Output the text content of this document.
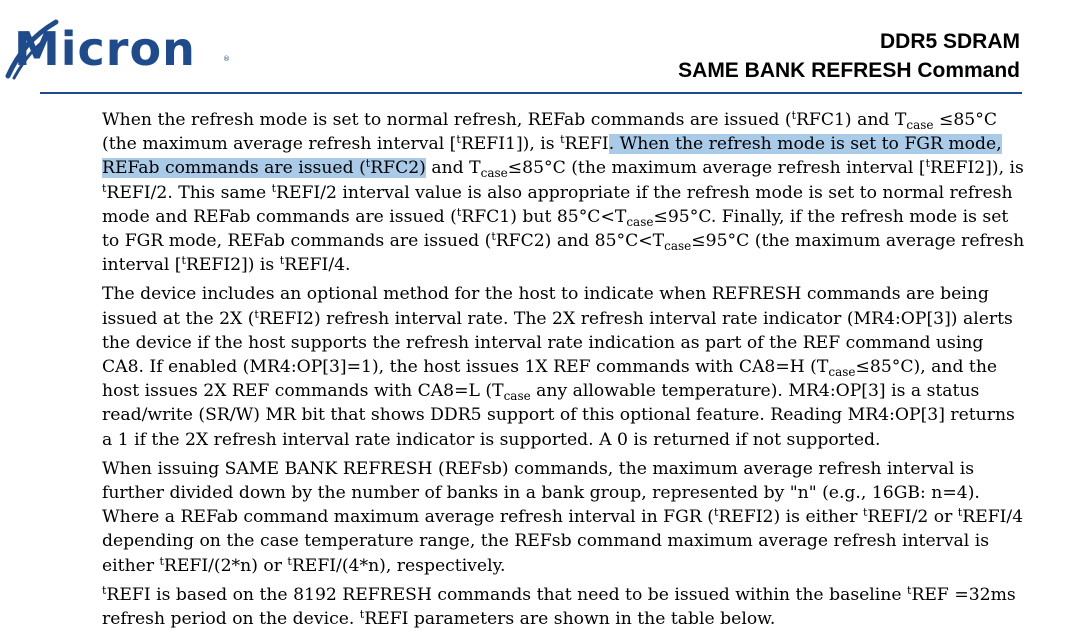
Micron	®
DDR5 SDRAM
SAME BANK REFRESH Command

When the refresh mode is set to normal refresh, REFab commands are issued ($^t$RFC1) and $T_{case} \le 85^\circ C$ (the maximum average refresh interval [$^t$REFI1]), is $^t$REFI. When the refresh mode is set to FGR mode, REFab commands are issued ($^t$RFC2) and $T_{case}\le 85^\circ C$ (the maximum average refresh interval [$^t$REFI2]), is $^t$REFI/2. This same $^t$REFI/2 interval value is also appropriate if the refresh mode is set to normal refresh mode and REFab commands are issued ($^t$RFC1) but $85^\circ C<T_{case}\le 95^\circ C$. Finally, if the refresh mode is set to FGR mode, REFab commands are issued ($^t$RFC2) and $85^\circ C<T_{case}\le 95^\circ C$ (the maximum average refresh interval [$^t$REFI2]) is $^t$REFI/4.

The device includes an optional method for the host to indicate when REFRESH commands are being issued at the 2X ($^t$REFI2) refresh interval rate. The 2X refresh interval rate indicator (MR4:OP[3]) alerts the device if the host supports the refresh interval rate indication as part of the REF command using CA8. If enabled (MR4:OP[3]=1), the host issues 1X REF commands with CA8=H $(T_{case}\le 85^\circ C)$, and the host issues 2X REF commands with CA8=L ($T_{case}$ any allowable temperature). MR4:OP[3] is a status read/write (SR/W) MR bit that shows DDR5 support of this optional feature. Reading MR4:OP[3] returns a 1 if the 2X refresh interval rate indicator is supported. A 0 is returned if not supported.

When issuing SAME BANK REFRESH (REFsb) commands, the maximum average refresh interval is further divided down by the number of banks in a bank group, represented by "n" (e.g., 16GB: n=4). Where a REFab command maximum average refresh interval in FGR ($^t$REFI2) is either $^t$REFI/2 or $^t$REFI/4 depending on the case temperature range, the REFsb command maximum average refresh interval is either $^t$REFI/(2*n) or $^t$REFI/(4*n), respectively.

$^t$REFI is based on the 8192 REFRESH commands that need to be issued within the baseline $^t$REF =32ms refresh period on the device. $^t$REFI parameters are shown in the table below.
